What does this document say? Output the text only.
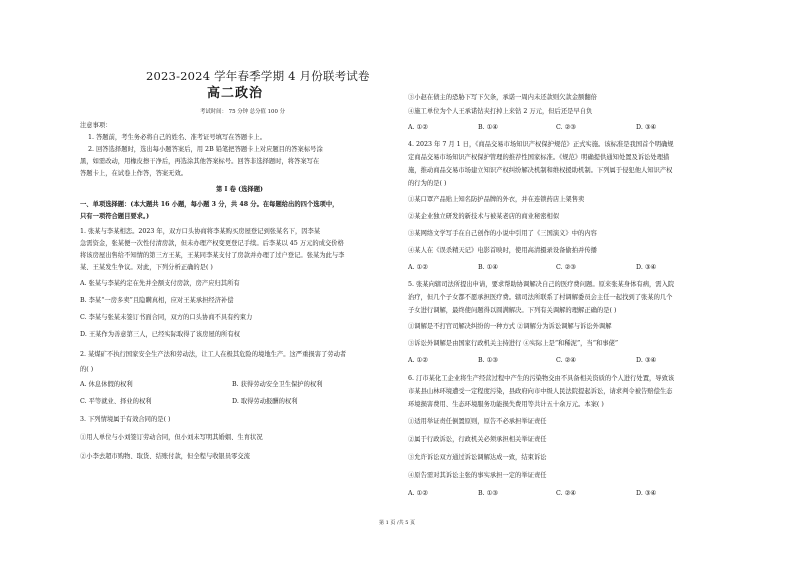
2023-2024 学年春季学期 4 月份联考试卷
高二政治
考试时间： 75 分钟 总分值 100 分
注意事项：
1. 答题前，考生务必将自己的姓名、准考证号填写在答题卡上。
2. 回答选择题时，选出每小题答案后，用 2B 铅笔把答题卡上对应题目的答案标号涂
黑，如需改动，用橡皮擦干净后，再选涂其他答案标号。回答非选择题时，将答案写在
答题卡上，在试卷上作答，答案无效。
第 I 卷 (选择题)
一、单项选择题：(本大题共 16 小题，每小题 3 分，共 48 分。在每题给出的四个选项中，
只有一项符合题目要求。)
1. 张某与李某相恋。2023 年，双方口头协商将李某购买房屋登记到张某名下，因李某
急需资金，张某便一次性付清房款，但未办理产权变更登记手续。后李某以 45 万元的成交价格
将该房屋出售给不知情的第三方王某，王某同李某支付了房款并办理了过户登记。张某为此与李
某、王某发生争议。对此，下列分析正确的是( )
A. 张某与李某约定在先并全额支付房款，房产应归其所有
B. 李某“一房多卖”且隐瞒真相，应对王某承担经济补偿
C. 李某与张某未签订书面合同，双方的口头协商不具有约束力
D. 王某作为善意第三人，已经实际取得了该房屋的所有权
2. 某煤矿不执行国家安全生产法和劳动法，让工人在极其危险的境地生产。这严重损害了劳动者
的( )
A. 休息休假的权利	B. 获得劳动安全卫生保护的权利
C. 平等就业、择业的权利	D. 取得劳动报酬的权利
3. 下列情境属于有效合同的是( )
①用人单位与小刘签订劳动合同，但小刘未写明其婚姻、生育状况
②小李去超市购物、取货、结账付款，但全程与收银员零交流
③小赵在债主的恐胁下写下欠条，承诺一周内未还款则欠款金额翻倍
④施工单位为个人王承诺钻夹打掉上来钻 2 万元，但后还是早自负
A. ①②	B. ①④	C. ②③	D. ③④
4. 2023 年 7 月 1 日，《商品交易市场知识产权保护规范》正式实施。该标准是我国首个明确规
定商品交易市场知识产权保护管理的推荐性国家标准。《规范》明确提供通知处置及诉讼处理措
施，推动商品交易市场建立知识产权纠纷解决机制和维权援助机制。下列属于侵犯他人知识产权
的行为的是( )
①某口罩产品贴上知名防护品牌的外衣，并在连锁药店上架售卖
②某企业独立研发的新技术与被某老店的商业秘密相似
③某网络文学写手在自己创作的小说中引用了《三国演义》中的内容
④某人在《误杀精天记》电影首映时，使用高清摄录设备偷拍并传播
A. ①②	B. ①④	C. ②③	D. ③④
5. 张某向辖司法所提出申请，要求帮助协调解决自己的医疗费问题。原来张某身体有病，需入院
治疗，但几个子女都不愿承担医疗费。辖司法所联系了村调解委员会主任一起找到了张某的几个
子女进行调解，最终使问题得以圆满解决。下列有关调解的理解正确的是( )
①调解是不打官司解决纠纷的一种方式 ②调解分为诉讼调解与诉讼外调解
③诉讼外调解是由国家行政机关主持进行 ④实际上是“和稀泥”，当“和事佬”
A. ①②	B. ①③	C. ②④	D. ③④
6. 汀市某化工企业将生产经营过程中产生的污染物交由不具备相关资质的个人进行处置，导致该
市某县山林环境遭受一定程度污染，县政府向市中级人民法院提起诉讼，请求判令被告赔偿生态
环境损害费用、生态环境服务功能损失费用等共计五十余万元。本案( )
①适用举证责任倒置原则，原告不必承担举证责任
②属于行政诉讼，行政机关必须承担相关举证责任
③允许诉讼双方通过诉讼调解达成一致，结束诉讼
④原告需对其诉讼主张的事实承担一定的举证责任
A. ①②	B. ①③	C. ②④	D. ③④
第 1 页 /共 5 页
